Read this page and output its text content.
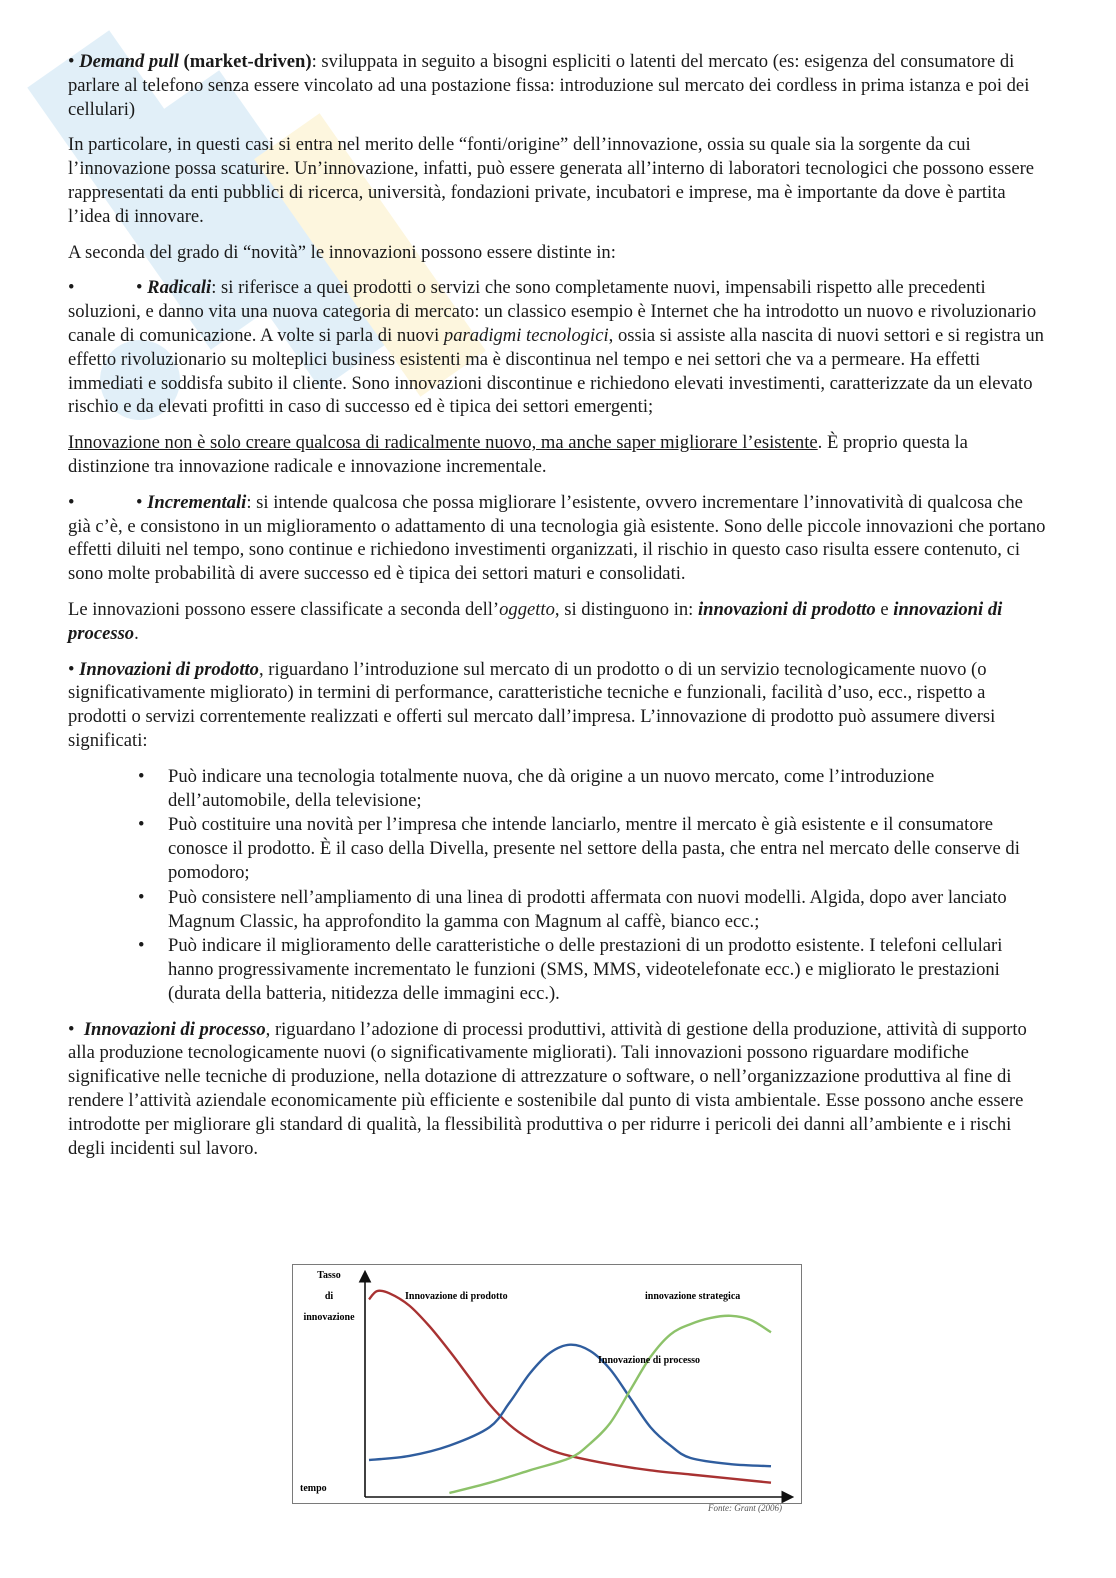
• Demand pull (market-driven): sviluppata in seguito a bisogni espliciti o latenti del mercato (es: esigenza del consumatore di parlare al telefono senza essere vincolato ad una postazione fissa: introduzione sul mercato dei cordless in prima istanza e poi dei cellulari)

In particolare, in questi casi si entra nel merito delle “fonti/origine” dell’innovazione, ossia su quale sia la sorgente da cui l’innovazione possa scaturire. Un’innovazione, infatti, può essere generata all’interno di laboratori tecnologici che possono essere rappresentati da enti pubblici di ricerca, università, fondazioni private, incubatori e imprese, ma è importante da dove è partita l’idea di innovare.

A seconda del grado di “novità” le innovazioni possono essere distinte in:

•	• Radicali: si riferisce a quei prodotti o servizi che sono completamente nuovi, impensabili rispetto alle precedenti soluzioni, e danno vita una nuova categoria di mercato: un classico esempio è Internet che ha introdotto un nuovo e rivoluzionario canale di comunicazione. A volte si parla di nuovi paradigmi tecnologici, ossia si assiste alla nascita di nuovi settori e si registra un effetto rivoluzionario su molteplici business esistenti ma è discontinua nel tempo e nei settori che va a permeare. Ha effetti immediati e soddisfa subito il cliente. Sono innovazioni discontinue e richiedono elevati investimenti, caratterizzate da un elevato rischio e da elevati profitti in caso di successo ed è tipica dei settori emergenti;

Innovazione non è solo creare qualcosa di radicalmente nuovo, ma anche saper migliorare l’esistente. È proprio questa la distinzione tra innovazione radicale e innovazione incrementale.

•	• Incrementali: si intende qualcosa che possa migliorare l’esistente, ovvero incrementare l’innovatività di qualcosa che già c’è, e consistono in un miglioramento o adattamento di una tecnologia già esistente. Sono delle piccole innovazioni che portano effetti diluiti nel tempo, sono continue e richiedono investimenti organizzati, il rischio in questo caso risulta essere contenuto, ci sono molte probabilità di avere successo ed è tipica dei settori maturi e consolidati.

Le innovazioni possono essere classificate a seconda dell’oggetto, si distinguono in: innovazioni di prodotto e innovazioni di processo.

• Innovazioni di prodotto, riguardano l’introduzione sul mercato di un prodotto o di un servizio tecnologicamente nuovo (o significativamente migliorato) in termini di performance, caratteristiche tecniche e funzionali, facilità d’uso, ecc., rispetto a prodotti o servizi correntemente realizzati e offerti sul mercato dall’impresa. L’innovazione di prodotto può assumere diversi significati:

• Può indicare una tecnologia totalmente nuova, che dà origine a un nuovo mercato, come l’introduzione dell’automobile, della televisione;
• Può costituire una novità per l’impresa che intende lanciarlo, mentre il mercato è già esistente e il consumatore conosce il prodotto. È il caso della Divella, presente nel settore della pasta, che entra nel mercato delle conserve di pomodoro;
• Può consistere nell’ampliamento di una linea di prodotti affermata con nuovi modelli. Algida, dopo aver lanciato Magnum Classic, ha approfondito la gamma con Magnum al caffè, bianco ecc.;
• Può indicare il miglioramento delle caratteristiche o delle prestazioni di un prodotto esistente. I telefoni cellulari hanno progressivamente incrementato le funzioni (SMS, MMS, videotelefonate ecc.) e migliorato le prestazioni (durata della batteria, nitidezza delle immagini ecc.).

•  Innovazioni di processo, riguardano l’adozione di processi produttivi, attività di gestione della produzione, attività di supporto alla produzione tecnologicamente nuovi (o significativamente migliorati). Tali innovazioni possono riguardare modifiche significative nelle tecniche di produzione, nella dotazione di attrezzature o software, o nell’organizzazione produttiva al fine di rendere l’attività aziendale economicamente più efficiente e sostenibile dal punto di vista ambientale. Esse possono anche essere introdotte per migliorare gli standard di qualità, la flessibilità produttiva o per ridurre i pericoli dei danni all’ambiente e i rischi degli incidenti sul lavoro.

Tasso
di
innovazione
tempo
Innovazione di prodotto	innovazione strategica
Innovazione di processo
Fonte: Grant (2006)
